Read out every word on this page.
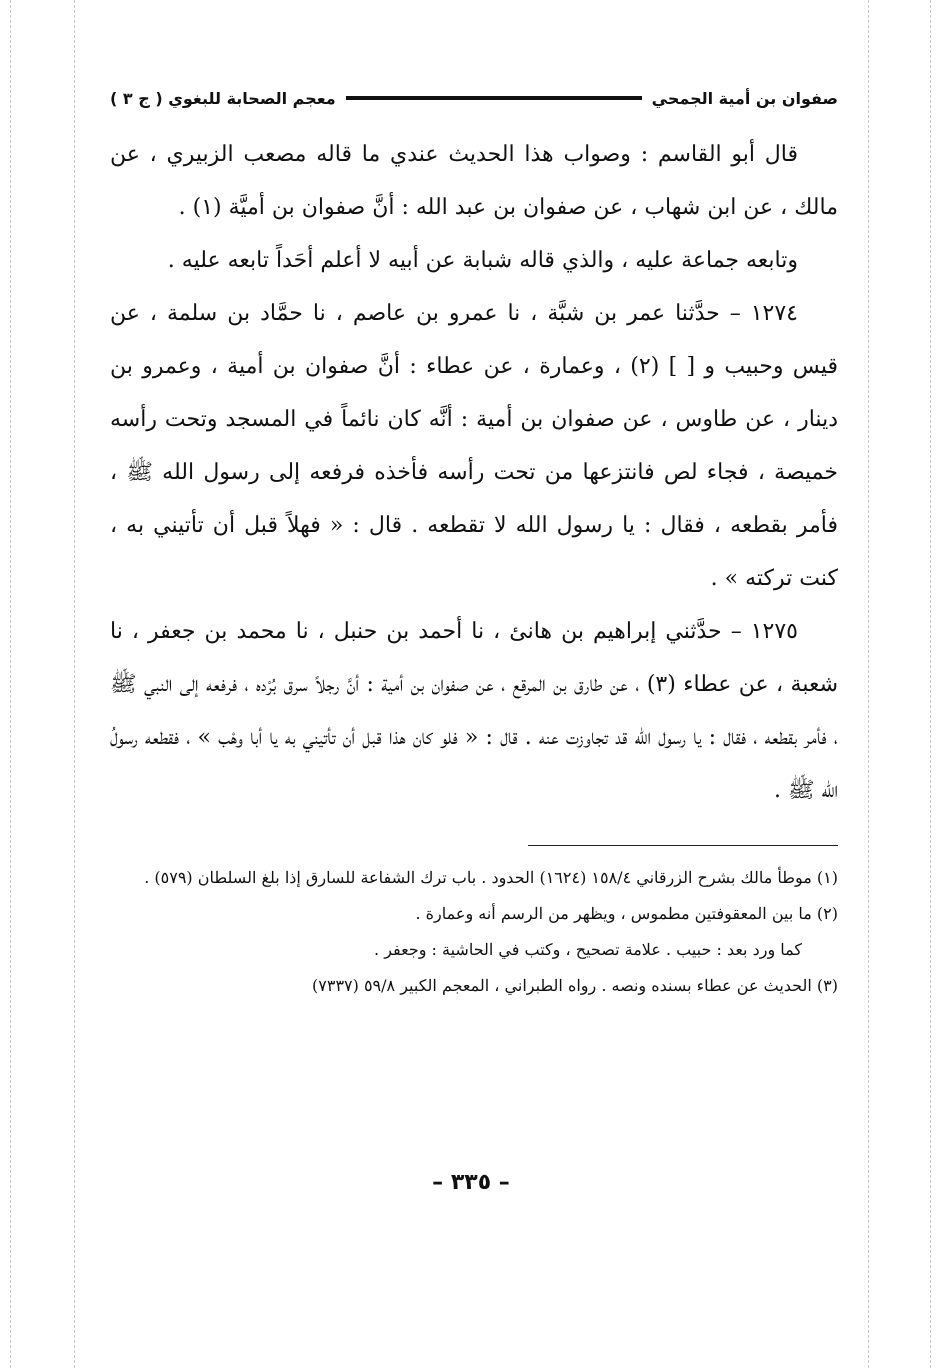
صفوان بن أمية الجمحي
معجم الصحابة للبغوي ( ج ٣ )

قال أبو القاسم : وصواب هذا الحديث عندي ما قاله مصعب الزبيري ، عن مالك ، عن ابن شهاب ، عن صفوان بن عبد الله : أنَّ صفوان بن أميَّة (١) .

وتابعه جماعة عليه ، والذي قاله شبابة عن أبيه لا أعلم أحَداً تابعه عليه .

١٢٧٤ – حدَّثنا عمر بن شبَّة ، نا عمرو بن عاصم ، نا حمَّاد بن سلمة ، عن قيس وحبيب و [ ] (٢) ، وعمارة ، عن عطاء : أنَّ صفوان بن أمية ، وعمرو بن دينار ، عن طاوس ، عن صفوان بن أمية : أنَّه كان نائماً في المسجد وتحت رأسه خميصة ، فجاء لص فانتزعها من تحت رأسه فأخذه فرفعه إلى رسول الله ﷺ ، فأمر بقطعه ، فقال : يا رسول الله لا تقطعه . قال : « فهلاً قبل أن تأتيني به ، كنت تركته » .

١٢٧٥ – حدَّثني إبراهيم بن هانئ ، نا أحمد بن حنبل ، نا محمد بن جعفر ، نا شعبة ، عن عطاء (٣) ، عن طارق بن المرقع ، عن صفوان بن أمية : أنَّ رجلاً سرق بُرْده ، فرفعه إلى النبي ﷺ ، فأمر بقطعه ، فقال : يا رسول الله قد تجاوزت عنه . قال : « فلو كان هذا قبل أن تأتيني به يا أبا وهْب » ، فقطعه رسولُ الله ﷺ .

(١) موطأ مالك بشرح الزرقاني ١٥٨/٤ (١٦٢٤) الحدود . باب ترك الشفاعة للسارق إذا بلغ السلطان (٥٧٩) .

(٢) ما بين المعقوفتين مطموس ، ويظهر من الرسم أنه وعمارة .

كما ورد بعد : حبيب . علامة تصحيح ، وكتب في الحاشية : وجعفر .

(٣) الحديث عن عطاء بسنده ونصه . رواه الطبراني ، المعجم الكبير ٥٩/٨ (٧٣٣٧)

– ٣٣٥ –
